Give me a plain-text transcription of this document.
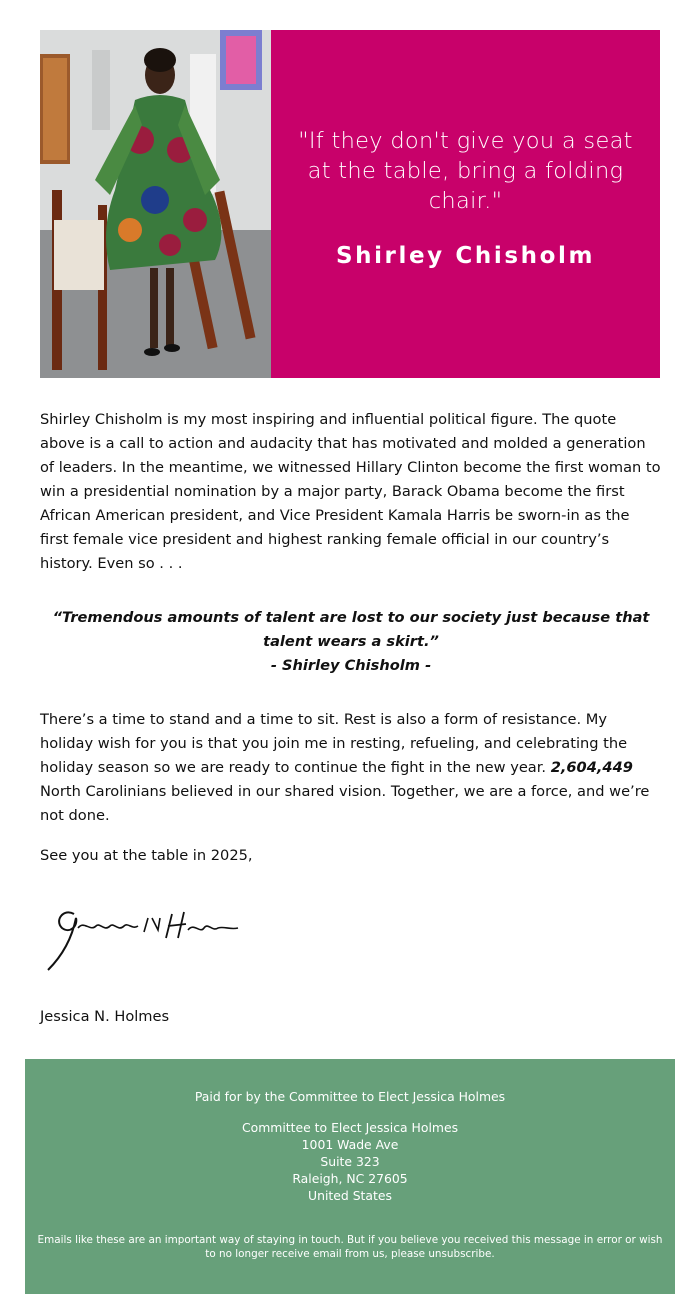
"If they don't give you a seat at the table, bring a folding chair."
Shirley Chisholm

Shirley Chisholm is my most inspiring and influential political figure. The quote above is a call to action and audacity that has motivated and molded a generation of leaders. In the meantime, we witnessed Hillary Clinton become the first woman to win a presidential nomination by a major party, Barack Obama become the first African American president, and Vice President Kamala Harris be sworn-in as the first female vice president and highest ranking female official in our country’s history. Even so . . .

“Tremendous amounts of talent are lost to our society just because that talent wears a skirt.”
- Shirley Chisholm -

There’s a time to stand and a time to sit. Rest is also a form of resistance. My holiday wish for you is that you join me in resting, refueling, and celebrating the holiday season so we are ready to continue the fight in the new year. 2,604,449 North Carolinians believed in our shared vision. Together, we are a force, and we’re not done.

See you at the table in 2025,

Jessica N. Holmes

Paid for by the Committee to Elect Jessica Holmes
Committee to Elect Jessica Holmes
1001 Wade Ave
Suite 323
Raleigh, NC 27605
United States
Emails like these are an important way of staying in touch. But if you believe you received this message in error or wish to no longer receive email from us, please unsubscribe.
